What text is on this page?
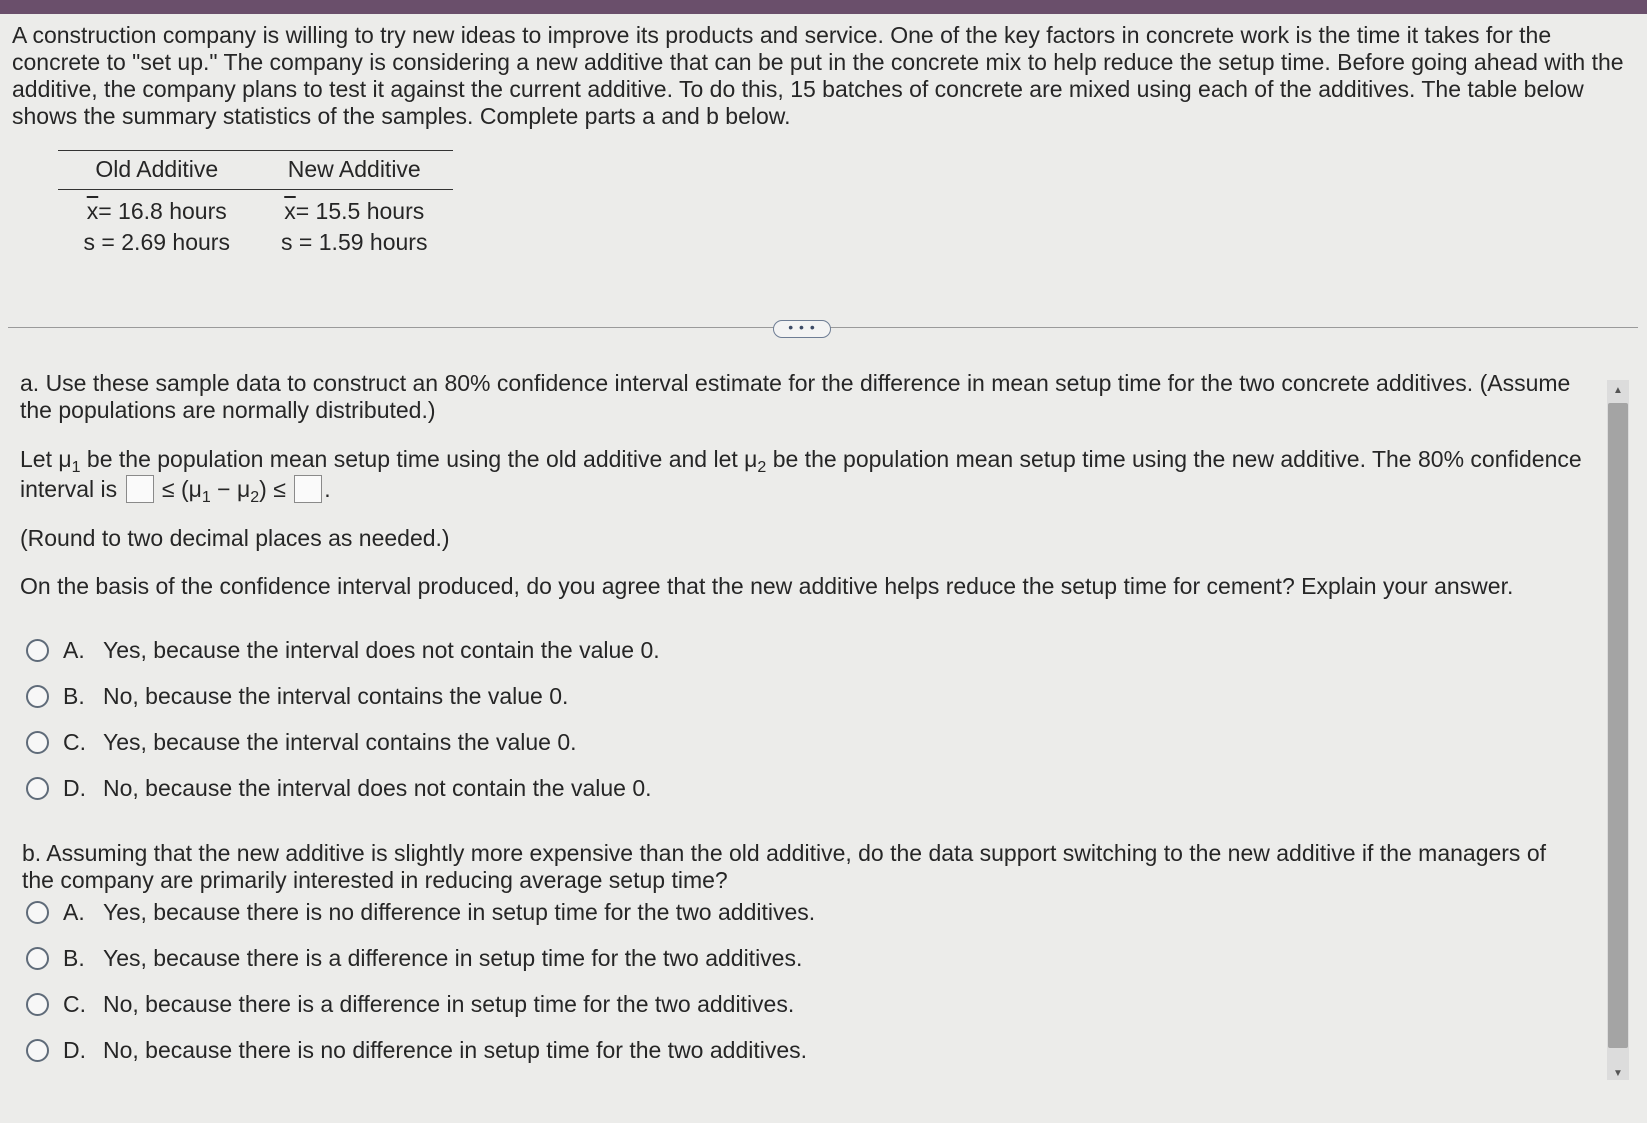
A construction company is willing to try new ideas to improve its products and service. One of the key factors in concrete work is the time it takes for the concrete to "set up." The company is considering a new additive that can be put in the concrete mix to help reduce the setup time. Before going ahead with the additive, the company plans to test it against the current additive. To do this, 15 batches of concrete are mixed using each of the additives. The table below shows the summary statistics of the samples. Complete parts a and b below.

Old Additive	New Additive
$\overline{x}= 16.8$ hours	$\overline{x}= 15.5$ hours
s = 2.69 hours	s = 1.59 hours
• • •

a. Use these sample data to construct an 80% confidence interval estimate for the difference in mean setup time for the two concrete additives. (Assume the populations are normally distributed.)

Let $\mu_1$ be the population mean setup time using the old additive and let $\mu_2$ be the population mean setup time using the new additive. The 80% confidence interval is  ≤ $(\mu_1 - \mu_2)$ ≤ .

(Round to two decimal places as needed.)

On the basis of the confidence interval produced, do you agree that the new additive helps reduce the setup time for cement? Explain your answer.

A. Yes, because the interval does not contain the value 0.
B. No, because the interval contains the value 0.
C. Yes, because the interval contains the value 0.
D. No, because the interval does not contain the value 0.

b. Assuming that the new additive is slightly more expensive than the old additive, do the data support switching to the new additive if the managers of the company are primarily interested in reducing average setup time?

A. Yes, because there is no difference in setup time for the two additives.
B. Yes, because there is a difference in setup time for the two additives.
C. No, because there is a difference in setup time for the two additives.
D. No, because there is no difference in setup time for the two additives.
▲
▼
